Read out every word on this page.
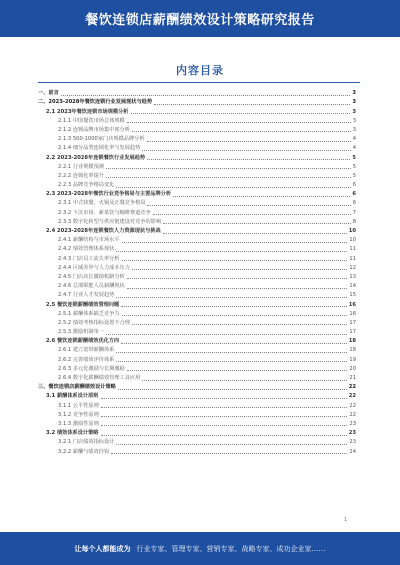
餐饮连锁店薪酬绩效设计策略研究报告
内容目录
一、前言	3
二、2023-2028年餐饮连锁行业发展现状与趋势	3
2.1 2023年餐饮连锁市场规模分析	3
2.1.1 中国餐饮市场总体规模	3
2.1.2 连锁品牌市场集中度分析	3
2.1.3 500-1000家门店规模品牌分析	4
2.1.4 细分品类连锁化率与发展趋势	4
2.2 2023-2028年连锁餐饮行业发展趋势	5
2.2.1 行业规模预测	5
2.2.2 连锁化率提升	5
2.2.3 品牌竞争格局变化	6
2.3 2023-2028年餐饮行业竞争格局与主要品牌分析	6
2.3.1 中式快餐、火锅及正餐竞争格局	6
2.3.2 下沉市场、新茶饮与咖啡赛道竞争	7
2.3.3 数字化转型与供应链建设对竞争的影响	8
2.4 2023-2028年连锁餐饮人力资源现状与挑战	10
2.4.1 薪酬结构与市场水平	10
2.4.2 绩效管理体系现状	11
2.4.3 门店员工流失率分析	11
2.4.4 区域差异与人力成本压力	12
2.4.5 门店店长激励机制分析	13
2.4.6 总部职能人员薪酬现状	14
2.4.7 行业人才发展趋势	15
2.5 餐饮连锁薪酬绩效管理问题	16
2.5.1 薪酬体系缺乏竞争力	16
2.5.2 绩效考核指标设置不合理	17
2.5.3 激励机制单一	17
2.6 餐饮连锁薪酬绩效优化方向	18
2.6.1 建立宽带薪酬体系	18
2.6.2 完善绩效评价体系	19
2.6.3 多元化激励与长期激励	20
2.6.4 数字化薪酬绩效管理工具应用	21
三、餐饮连锁店薪酬绩效设计策略	22
3.1 薪酬体系设计原则	22
3.1.1 公平性原则	22
3.1.2 竞争性原则	22
3.1.3 激励性原则	23
3.2 绩效体系设计策略	23
3.2.1 门店绩效指标设计	23
3.2.2 薪酬与绩效挂钩	24
1
让每个人都能成为 行业专家、管理专家、营销专家、战略专家、成功企业家……
